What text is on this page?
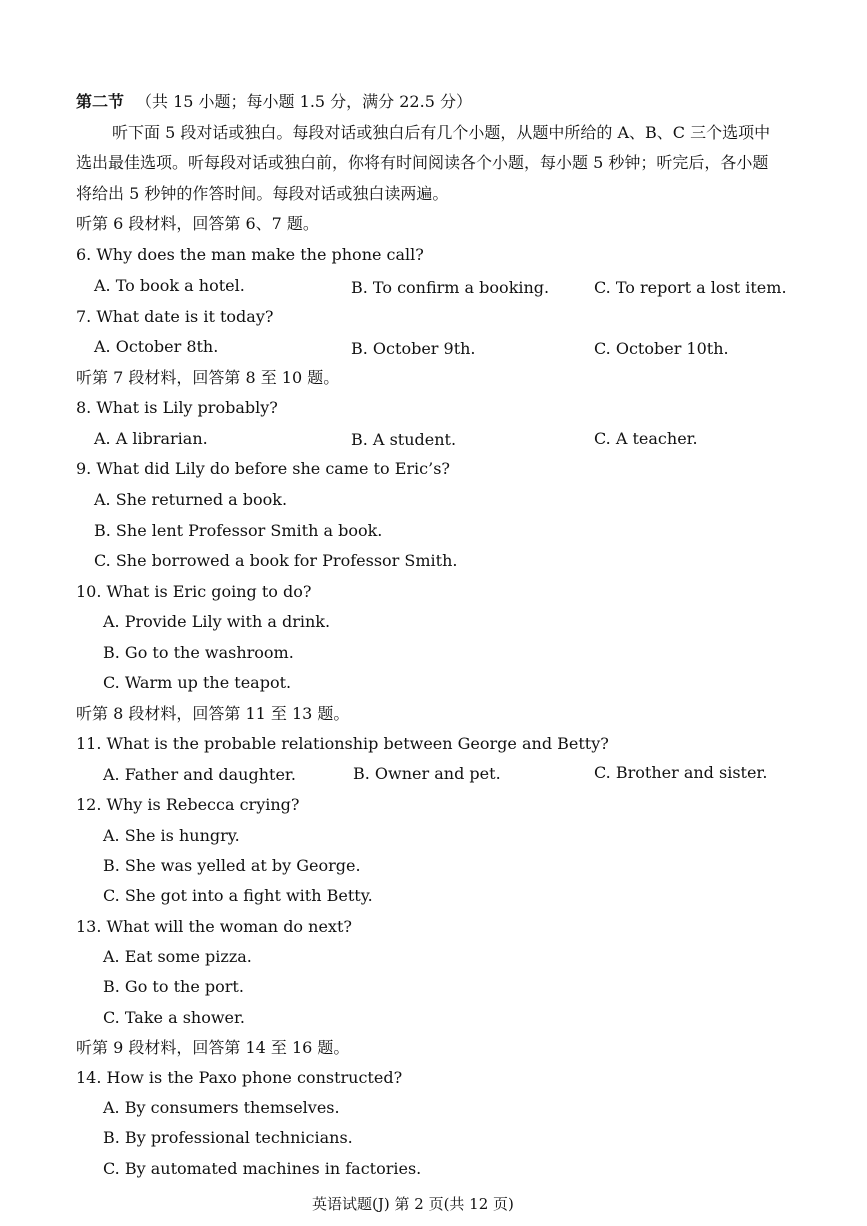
第二节 （共 15 小题；每小题 1.5 分，满分 22.5 分）
听下面 5 段对话或独白。每段对话或独白后有几个小题，从题中所给的 A、B、C 三个选项中
选出最佳选项。听每段对话或独白前，你将有时间阅读各个小题，每小题 5 秒钟；听完后，各小题
将给出 5 秒钟的作答时间。每段对话或独白读两遍。
听第 6 段材料，回答第 6、7 题。
6. Why does the man make the phone call?
A. To book a hotel.	B. To confirm a booking.	C. To report a lost item.
7. What date is it today?
A. October 8th.	B. October 9th.	C. October 10th.
听第 7 段材料，回答第 8 至 10 题。
8. What is Lily probably?
A. A librarian.	B. A student.	C. A teacher.
9. What did Lily do before she came to Eric’s?
A. She returned a book.
B. She lent Professor Smith a book.
C. She borrowed a book for Professor Smith.
10. What is Eric going to do?
A. Provide Lily with a drink.
B. Go to the washroom.
C. Warm up the teapot.
听第 8 段材料，回答第 11 至 13 题。
11. What is the probable relationship between George and Betty?
A. Father and daughter.	B. Owner and pet.	C. Brother and sister.
12. Why is Rebecca crying?
A. She is hungry.
B. She was yelled at by George.
C. She got into a fight with Betty.
13. What will the woman do next?
A. Eat some pizza.
B. Go to the port.
C. Take a shower.
听第 9 段材料，回答第 14 至 16 题。
14. How is the Paxo phone constructed?
A. By consumers themselves.
B. By professional technicians.
C. By automated machines in factories.
英语试题(J) 第 2 页(共 12 页)
